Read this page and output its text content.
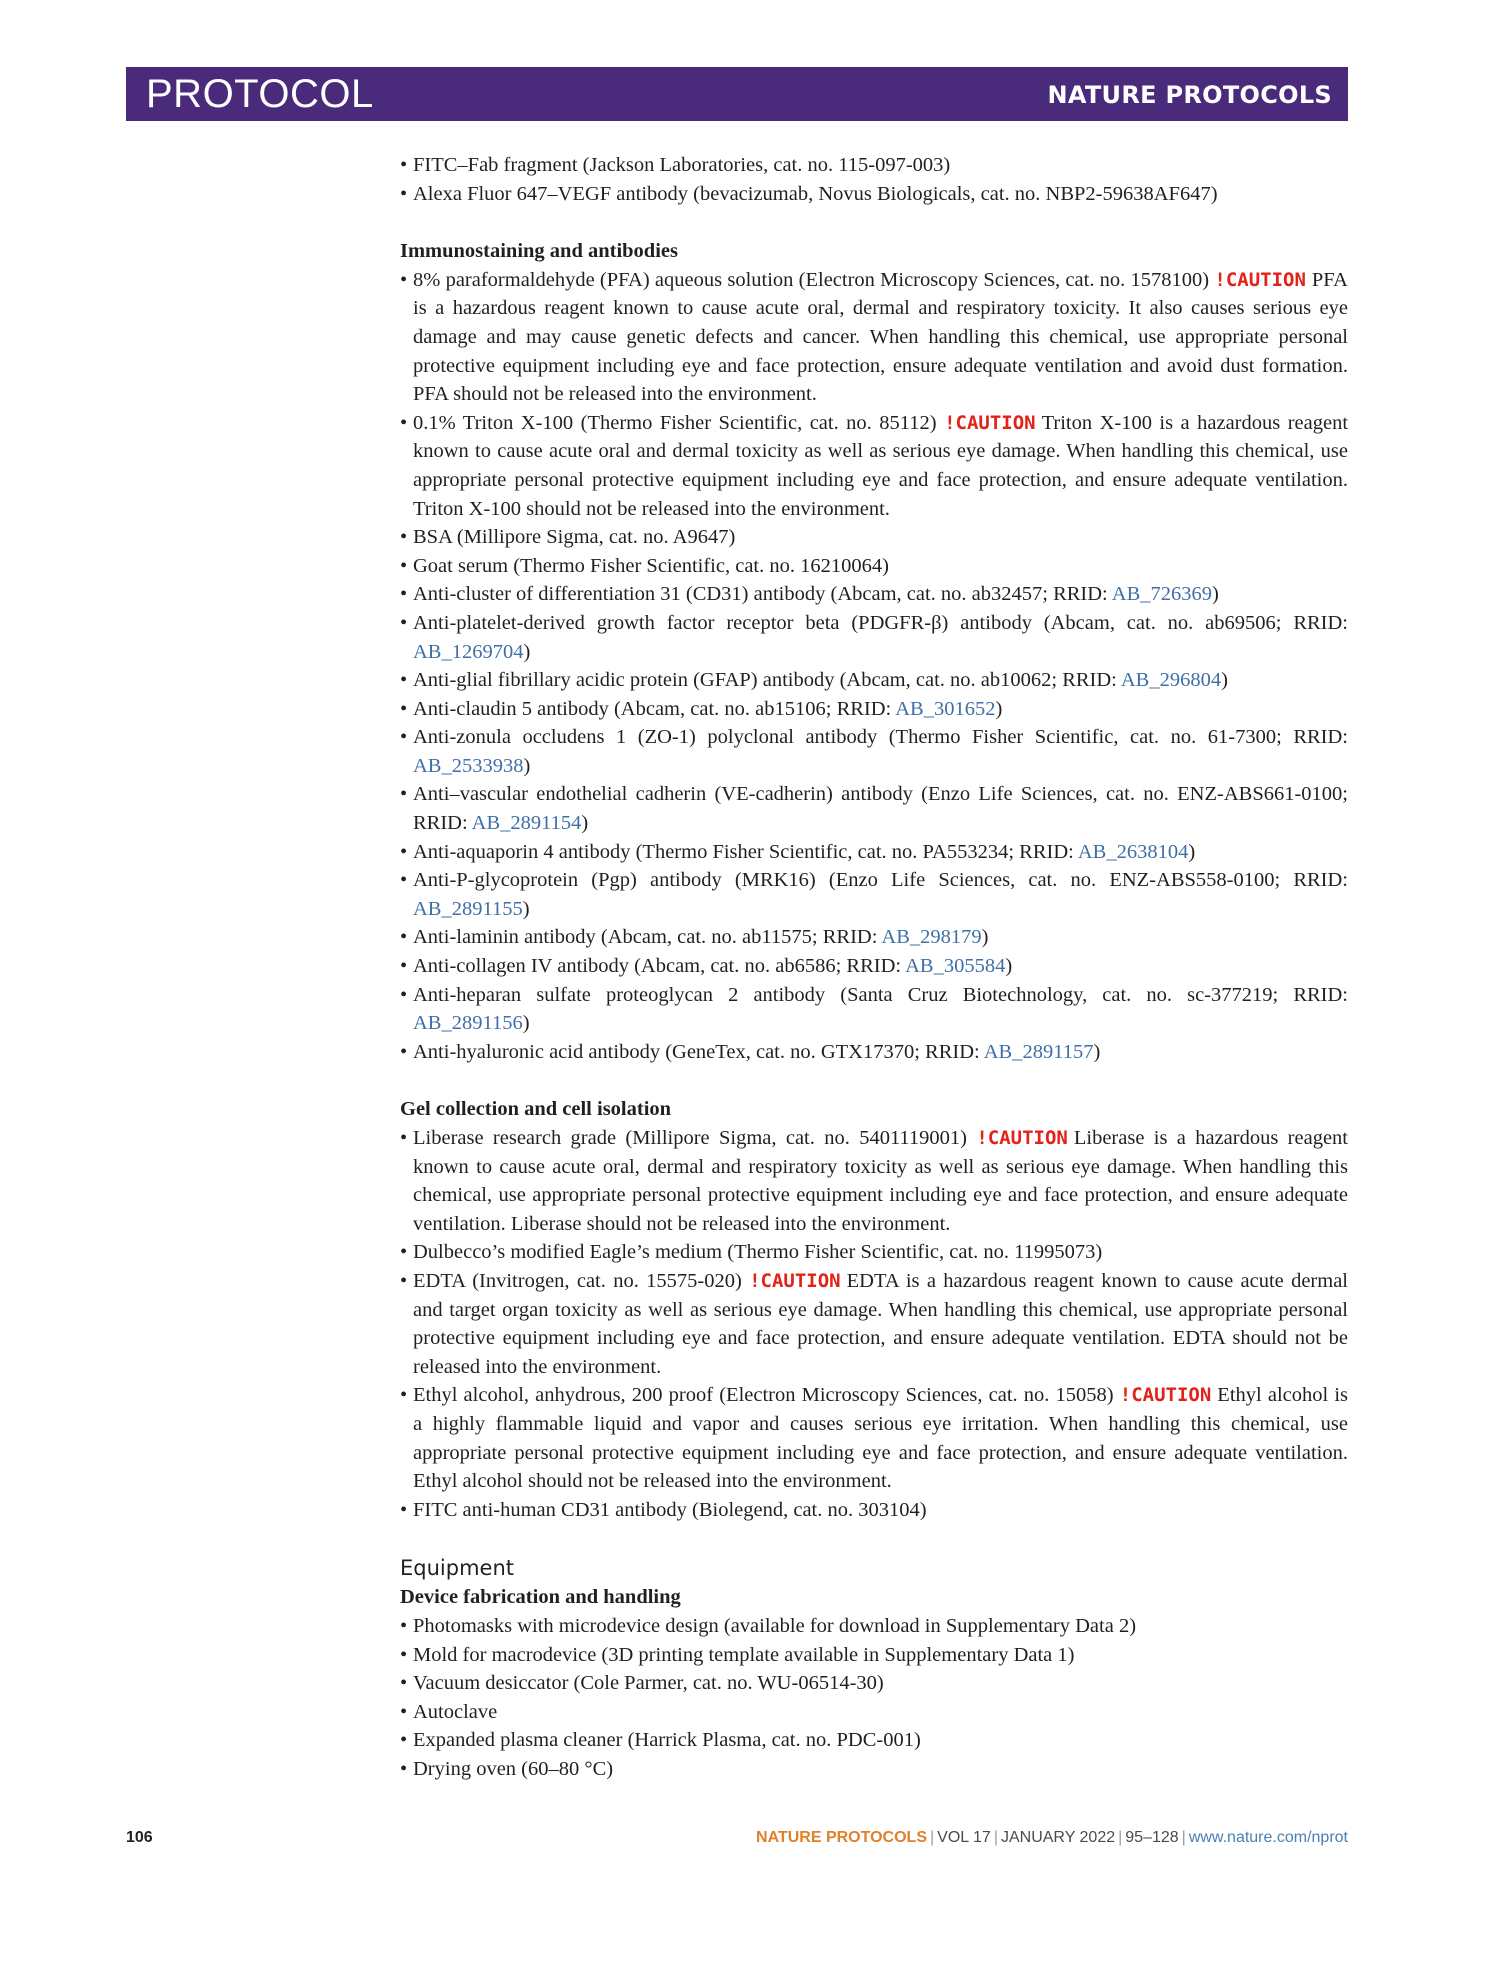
PROTOCOL	NATURE PROTOCOLS
• FITC–Fab fragment (Jackson Laboratories, cat. no. 115-097-003)
• Alexa Fluor 647–VEGF antibody (bevacizumab, Novus Biologicals, cat. no. NBP2-59638AF647)

Immunostaining and antibodies

• 8% paraformaldehyde (PFA) aqueous solution (Electron Microscopy Sciences, cat. no. 1578100) !CAUTION PFA is a hazardous reagent known to cause acute oral, dermal and respiratory toxicity. It also causes serious eye damage and may cause genetic defects and cancer. When handling this chemical, use appropriate personal protective equipment including eye and face protection, ensure adequate ventilation and avoid dust formation. PFA should not be released into the environment.
• 0.1% Triton X-100 (Thermo Fisher Scientific, cat. no. 85112) !CAUTION Triton X-100 is a hazardous reagent known to cause acute oral and dermal toxicity as well as serious eye damage. When handling this chemical, use appropriate personal protective equipment including eye and face protection, and ensure adequate ventilation. Triton X-100 should not be released into the environment.
• BSA (Millipore Sigma, cat. no. A9647)
• Goat serum (Thermo Fisher Scientific, cat. no. 16210064)
• Anti-cluster of differentiation 31 (CD31) antibody (Abcam, cat. no. ab32457; RRID: AB_726369)
• Anti-platelet-derived growth factor receptor beta (PDGFR-β) antibody (Abcam, cat. no. ab69506; RRID: AB_1269704)
• Anti-glial fibrillary acidic protein (GFAP) antibody (Abcam, cat. no. ab10062; RRID: AB_296804)
• Anti-claudin 5 antibody (Abcam, cat. no. ab15106; RRID: AB_301652)
• Anti-zonula occludens 1 (ZO-1) polyclonal antibody (Thermo Fisher Scientific, cat. no. 61-7300; RRID: AB_2533938)
• Anti–vascular endothelial cadherin (VE-cadherin) antibody (Enzo Life Sciences, cat. no. ENZ-ABS661-0100; RRID: AB_2891154)
• Anti-aquaporin 4 antibody (Thermo Fisher Scientific, cat. no. PA553234; RRID: AB_2638104)
• Anti-P-glycoprotein (Pgp) antibody (MRK16) (Enzo Life Sciences, cat. no. ENZ-ABS558-0100; RRID: AB_2891155)
• Anti-laminin antibody (Abcam, cat. no. ab11575; RRID: AB_298179)
• Anti-collagen IV antibody (Abcam, cat. no. ab6586; RRID: AB_305584)
• Anti-heparan sulfate proteoglycan 2 antibody (Santa Cruz Biotechnology, cat. no. sc-377219; RRID: AB_2891156)
• Anti-hyaluronic acid antibody (GeneTex, cat. no. GTX17370; RRID: AB_2891157)

Gel collection and cell isolation

• Liberase research grade (Millipore Sigma, cat. no. 5401119001) !CAUTION Liberase is a hazardous reagent known to cause acute oral, dermal and respiratory toxicity as well as serious eye damage. When handling this chemical, use appropriate personal protective equipment including eye and face protection, and ensure adequate ventilation. Liberase should not be released into the environment.
• Dulbecco’s modified Eagle’s medium (Thermo Fisher Scientific, cat. no. 11995073)
• EDTA (Invitrogen, cat. no. 15575-020) !CAUTION EDTA is a hazardous reagent known to cause acute dermal and target organ toxicity as well as serious eye damage. When handling this chemical, use appropriate personal protective equipment including eye and face protection, and ensure adequate ventilation. EDTA should not be released into the environment.
• Ethyl alcohol, anhydrous, 200 proof (Electron Microscopy Sciences, cat. no. 15058) !CAUTION Ethyl alcohol is a highly flammable liquid and vapor and causes serious eye irritation. When handling this chemical, use appropriate personal protective equipment including eye and face protection, and ensure adequate ventilation. Ethyl alcohol should not be released into the environment.
• FITC anti-human CD31 antibody (Biolegend, cat. no. 303104)

Equipment

Device fabrication and handling

• Photomasks with microdevice design (available for download in Supplementary Data 2)
• Mold for macrodevice (3D printing template available in Supplementary Data 1)
• Vacuum desiccator (Cole Parmer, cat. no. WU-06514-30)
• Autoclave
• Expanded plasma cleaner (Harrick Plasma, cat. no. PDC-001)
• Drying oven (60–80 °C)
106	NATURE PROTOCOLS | VOL 17 | JANUARY 2022 | 95–128 | www.nature.com/nprot
